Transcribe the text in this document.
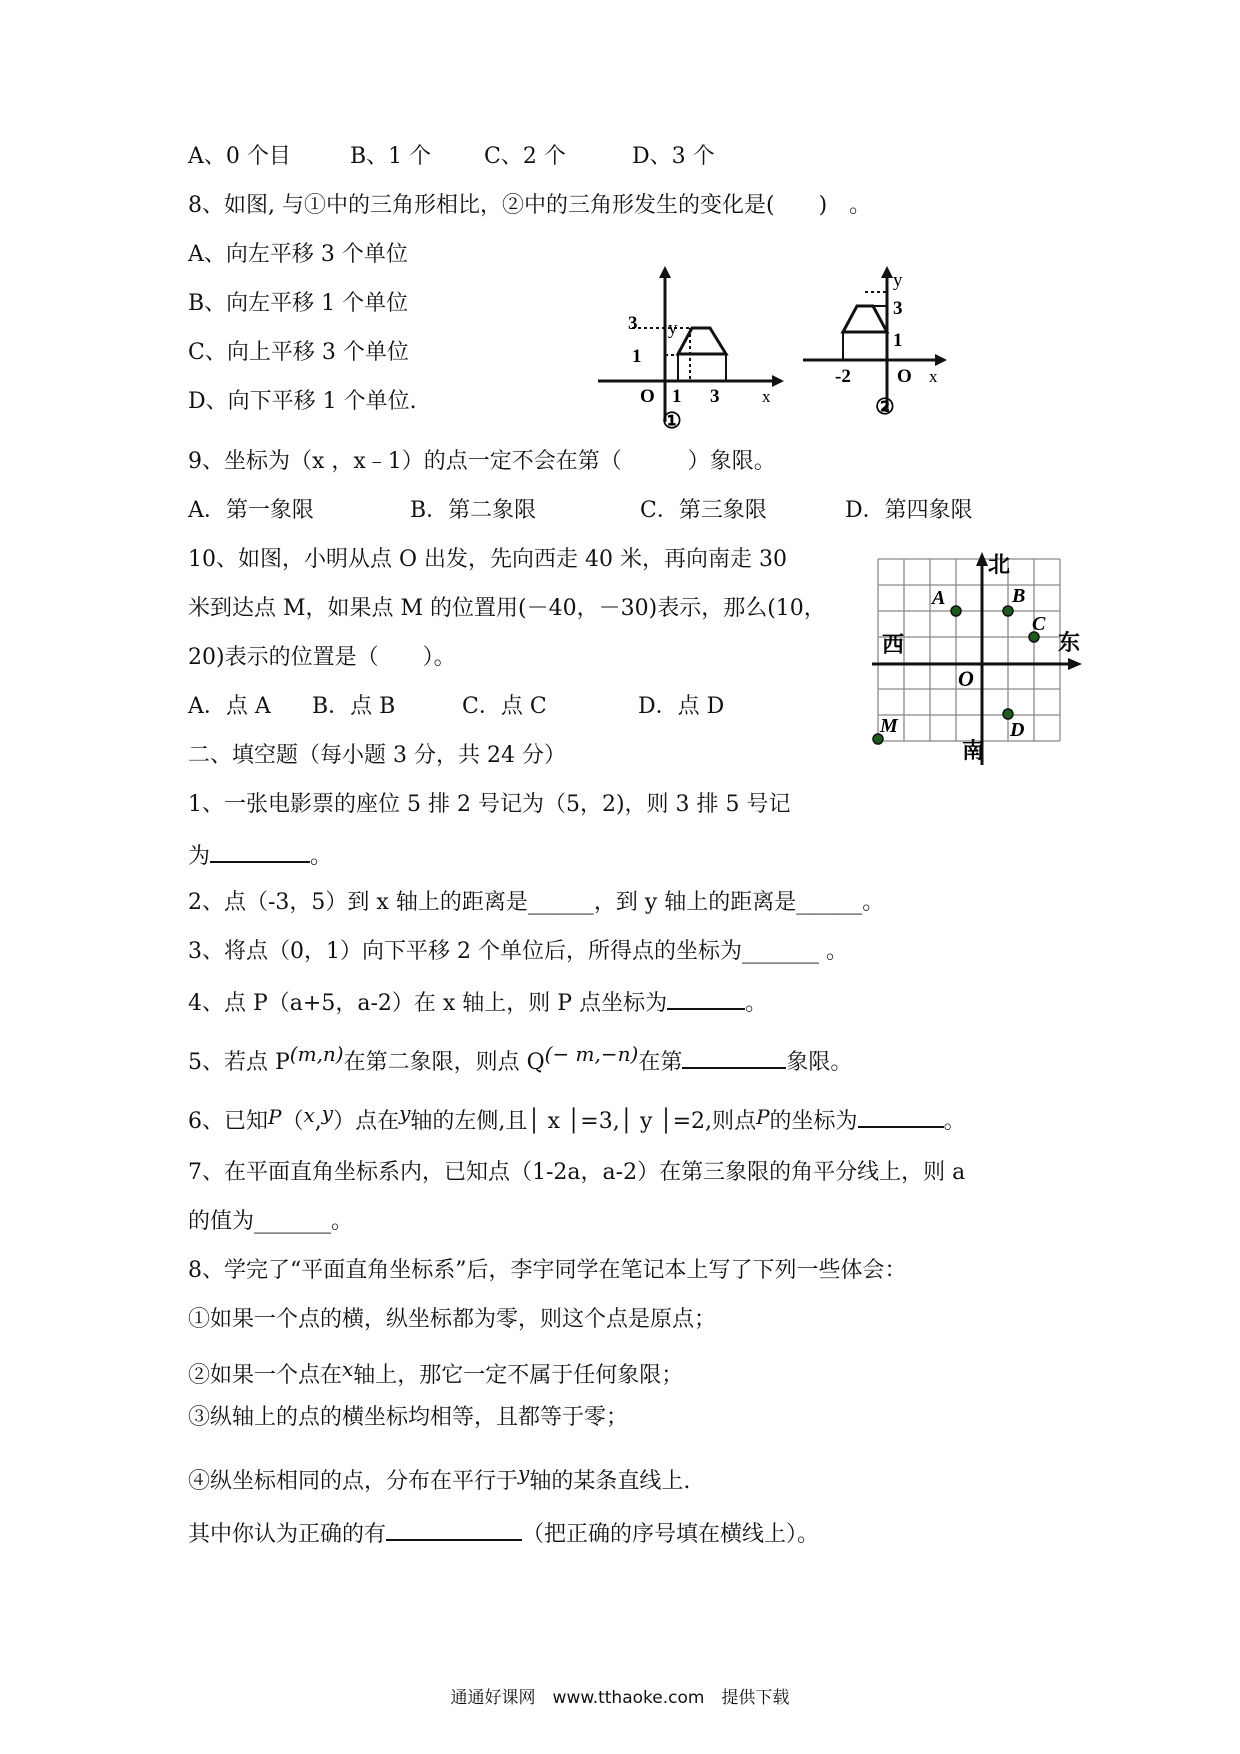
A、0 个目	B、1 个 C、2 个	D、3 个
8、如图, 与①中的三角形相比，②中的三角形发生的变化是(　　)　。
A、向左平移 3 个单位
B、向左平移 1 个单位
C、向上平移 3 个单位
D、向下平移 1 个单位.
y
3
1
O 1 3	x
①
y
3
1
-2 O x
②
9、坐标为（x ，x﹣1）的点一定不会在第（　　　）象限。
A．第一象限	B．第二象限	C．第三象限	D．第四象限
10、如图，小明从点 O 出发，先向西走 40 米，再向南走 30
米到达点 M，如果点 M 的位置用(－40，－30)表示，那么(10，
20)表示的位置是（　　）。
A．点 A B．点 B	C．点 C	D．点 D
北
南
东
西
O
A	B
C
D
M
二、填空题（每小题 3 分，共 24 分）
1、一张电影票的座位 5 排 2 号记为（5，2)，则 3 排 5 号记
为	。
2、点（-3，5）到 x 轴上的距离是______，到 y 轴上的距离是______。
3、将点（0，1）向下平移 2 个单位后，所得点的坐标为_______ 。
4、点 P（a+5，a-2）在 x 轴上，则 P 点坐标为	。
5、若点 P(m,n)在第二象限，则点 Q(− m,−n)在第	象限。
6、已知P（x,y）点在y轴的左侧,且│ x │=3,│ y │=2,则点P的坐标为	。
7、在平面直角坐标系内，已知点（1-2a，a-2）在第三象限的角平分线上，则 a
的值为_______。
8、学完了“平面直角坐标系”后，李宇同学在笔记本上写了下列一些体会：
①如果一个点的横，纵坐标都为零，则这个点是原点；
②如果一个点在x轴上，那它一定不属于任何象限；
③纵轴上的点的横坐标均相等，且都等于零；
④纵坐标相同的点，分布在平行于y轴的某条直线上.
其中你认为正确的有	（把正确的序号填在横线上）。
通通好课网　www.tthaoke.com　提供下载
